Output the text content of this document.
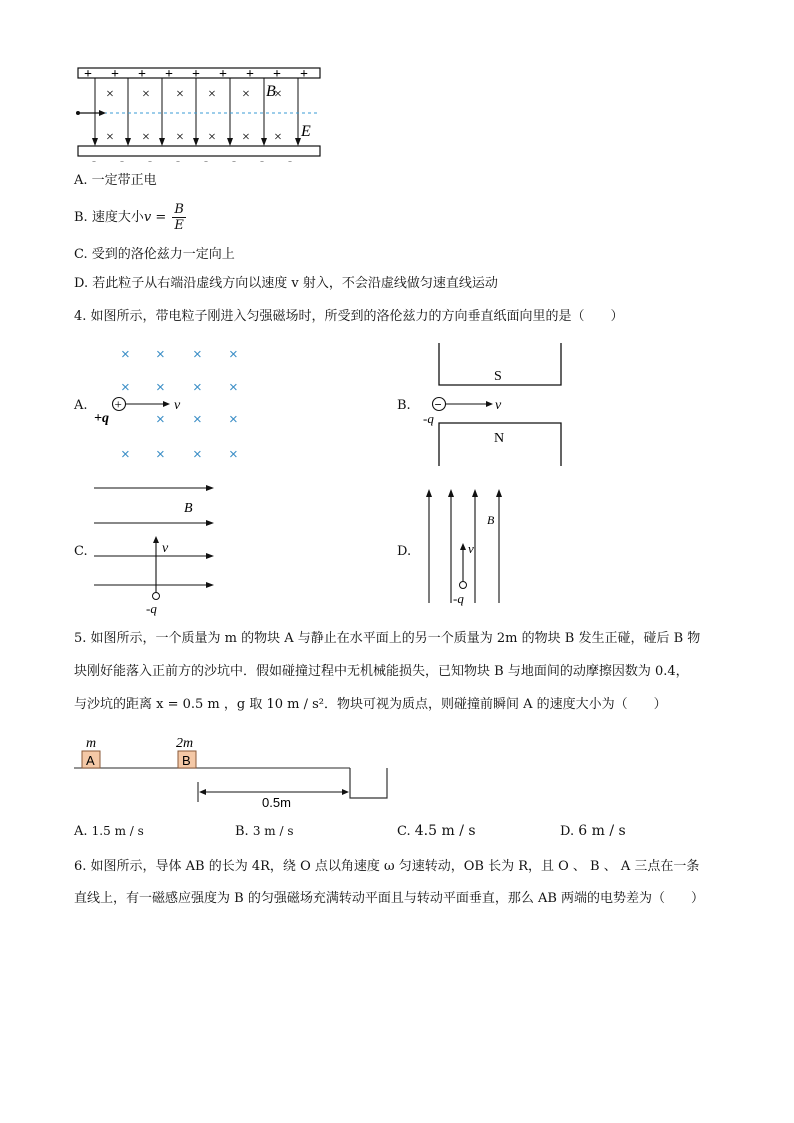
+ + + + + + + + +
- - - - - - - -
× × × × × ×
× × × × × ×
B
E
A. 一定带正电
B. 速度大小$v = \frac{B}{E}$
C. 受到的洛伦兹力一定向上
D. 若此粒子从右端沿虚线方向以速度 v 射入，不会沿虚线做匀速直线运动
4. 如图所示，带电粒子刚进入匀强磁场时，所受到的洛伦兹力的方向垂直纸面向里的是（　　）
A.
× × × ×
× × × ×
× × ×
× × × ×
+	v
+q
B.
S
N
−	v
-q
C.
B
v
-q
D.
B
v
-q
5. 如图所示，一个质量为 m 的物块 A 与静止在水平面上的另一个质量为 2m 的物块 B 发生正碰，碰后 B 物
块刚好能落入正前方的沙坑中．假如碰撞过程中无机械能损失，已知物块 B 与地面间的动摩擦因数为 0.4，
与沙坑的距离 x = 0.5 m ，g 取 10 m / s²．物块可视为质点，则碰撞前瞬间 A 的速度大小为（　　）
A
m
B
2m
0.5m
A. 1.5 m / s	B. 3 m / s	C. 4.5 m / s	D. 6 m / s
6. 如图所示，导体 AB 的长为 4R，绕 O 点以角速度 ω 匀速转动，OB 长为 R，且 O 、 B 、 A 三点在一条
直线上，有一磁感应强度为 B 的匀强磁场充满转动平面且与转动平面垂直，那么 AB 两端的电势差为（　　）
